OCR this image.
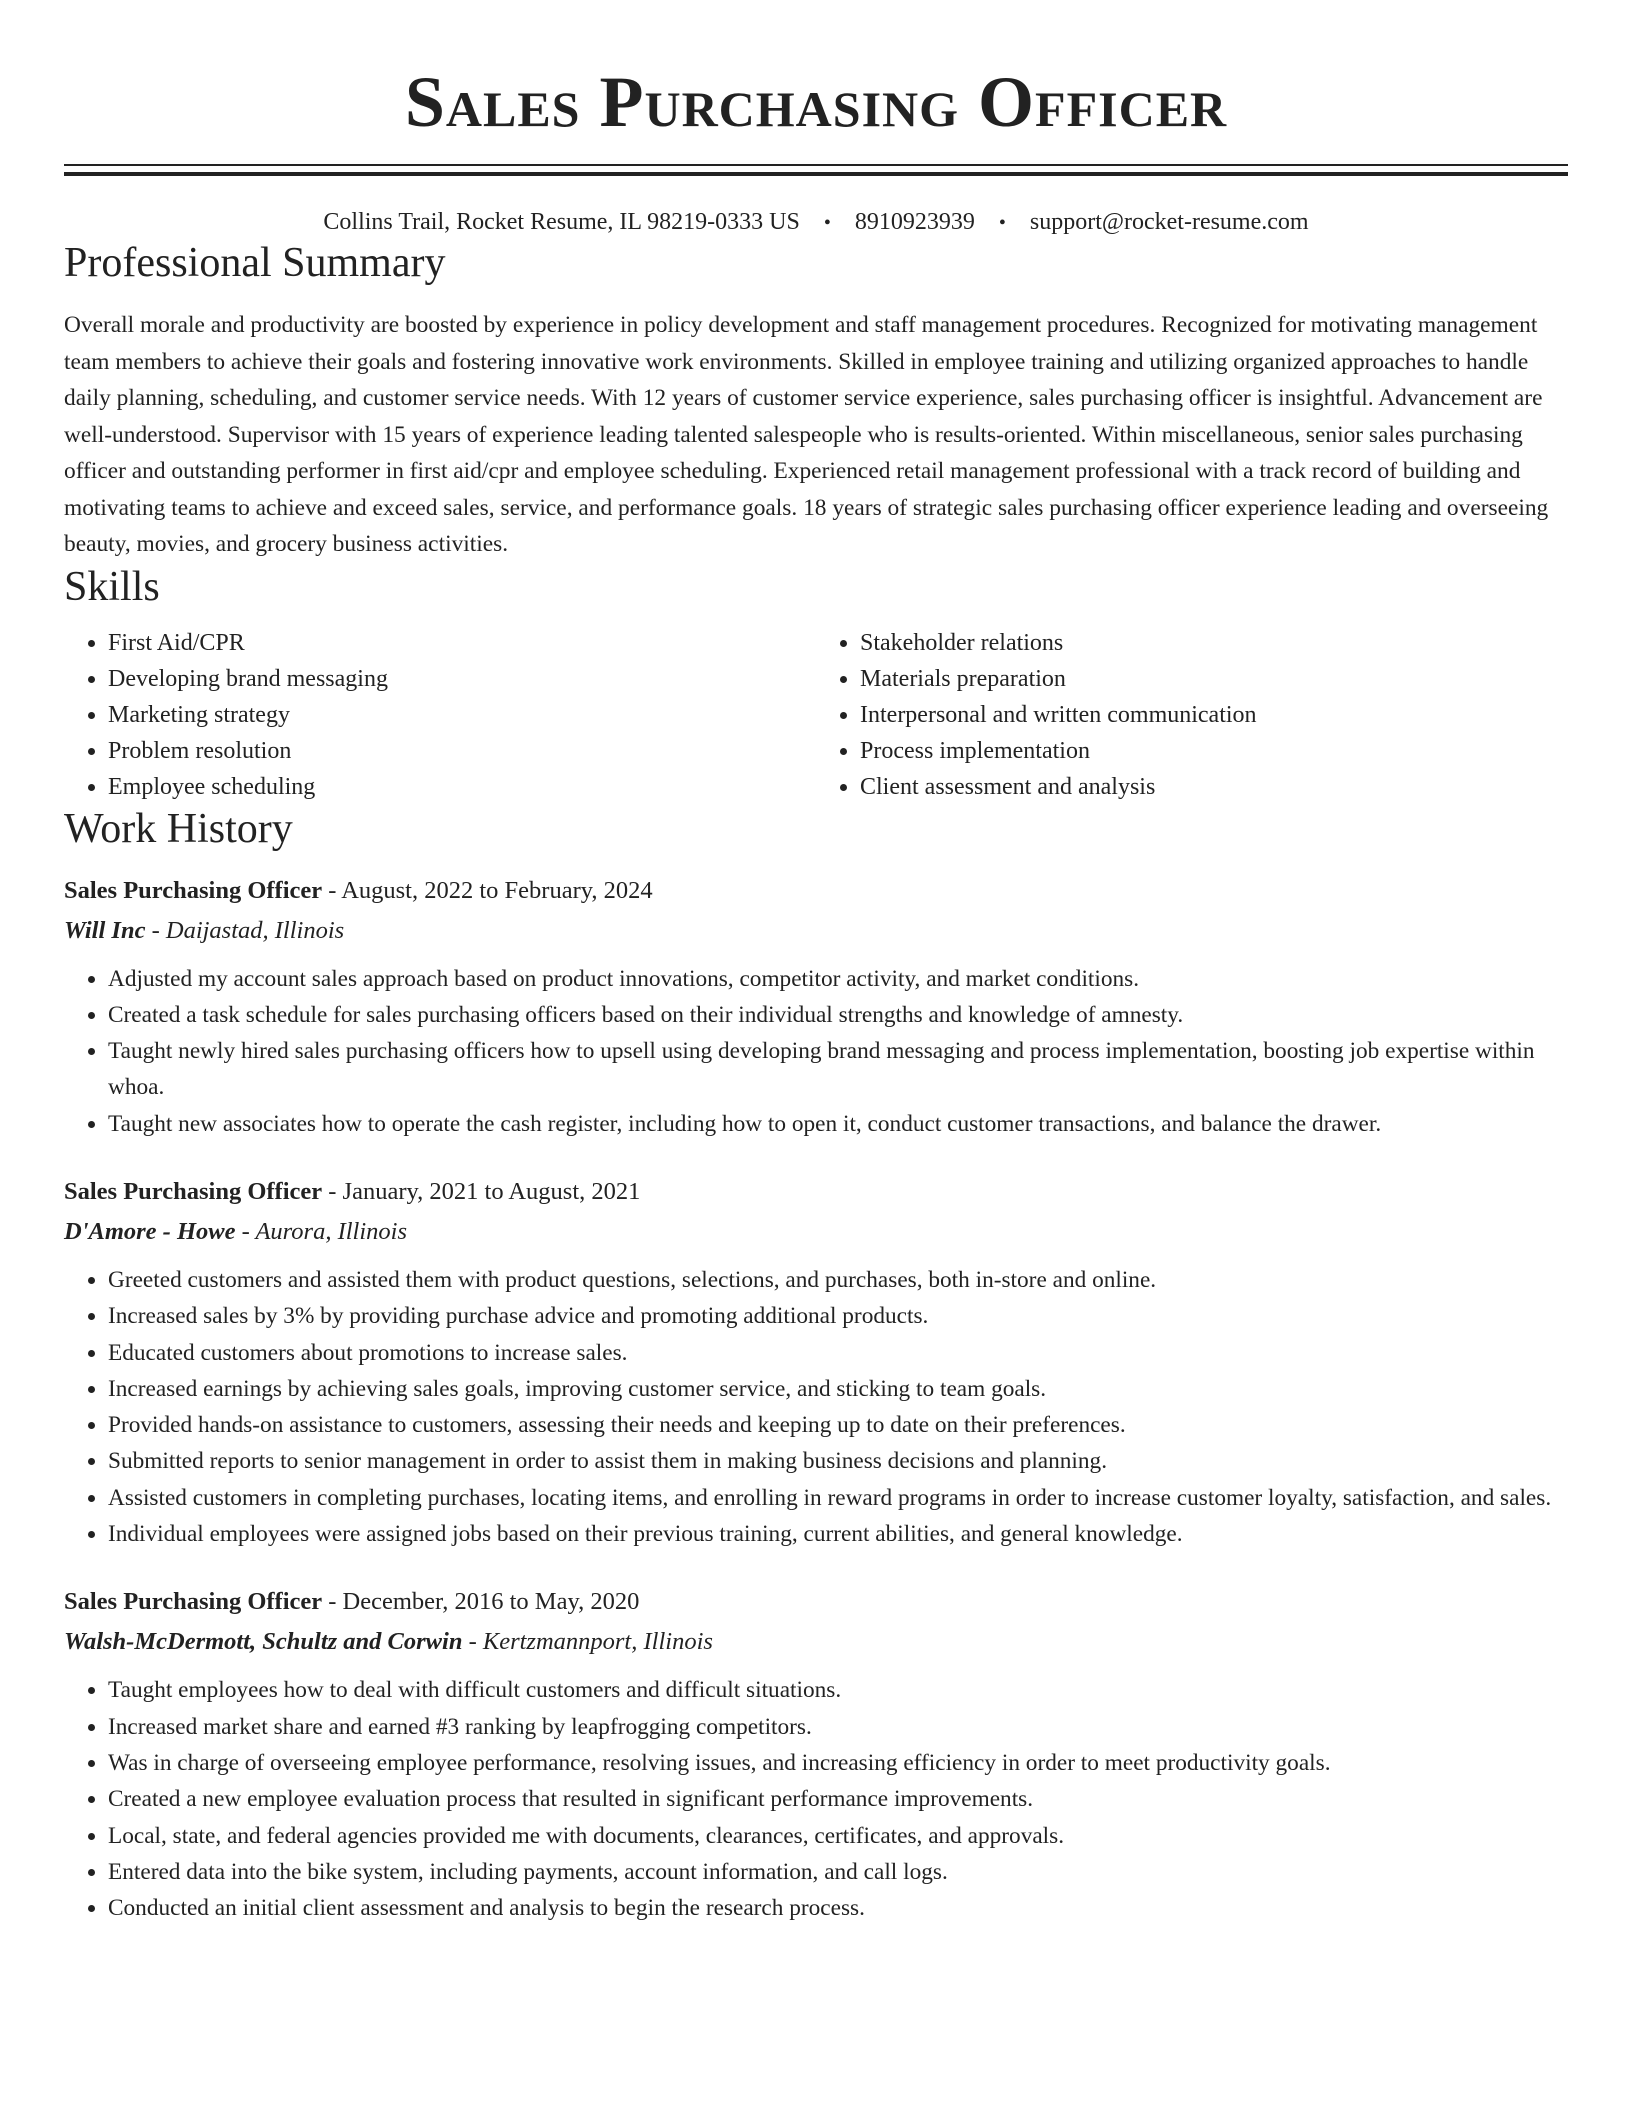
Sales Purchasing Officer
Collins Trail, Rocket Resume, IL 98219-0333 US • 8910923939 • support@rocket-resume.com
Professional Summary
Overall morale and productivity are boosted by experience in policy development and staff management procedures. Recognized for motivating management team members to achieve their goals and fostering innovative work environments. Skilled in employee training and utilizing organized approaches to handle daily planning, scheduling, and customer service needs. With 12 years of customer service experience, sales purchasing officer is insightful. Advancement are well-understood. Supervisor with 15 years of experience leading talented salespeople who is results-oriented. Within miscellaneous, senior sales purchasing officer and outstanding performer in first aid/cpr and employee scheduling. Experienced retail management professional with a track record of building and motivating teams to achieve and exceed sales, service, and performance goals. 18 years of strategic sales purchasing officer experience leading and overseeing beauty, movies, and grocery business activities.
Skills
• First Aid/CPR
• Developing brand messaging
• Marketing strategy
• Problem resolution
• Employee scheduling
• Stakeholder relations
• Materials preparation
• Interpersonal and written communication
• Process implementation
• Client assessment and analysis
Work History
Sales Purchasing Officer - August, 2022 to February, 2024
Will Inc - Daijastad, Illinois
• Adjusted my account sales approach based on product innovations, competitor activity, and market conditions.
• Created a task schedule for sales purchasing officers based on their individual strengths and knowledge of amnesty.
• Taught newly hired sales purchasing officers how to upsell using developing brand messaging and process implementation, boosting job expertise within whoa.
• Taught new associates how to operate the cash register, including how to open it, conduct customer transactions, and balance the drawer.
Sales Purchasing Officer - January, 2021 to August, 2021
D'Amore - Howe - Aurora, Illinois
• Greeted customers and assisted them with product questions, selections, and purchases, both in-store and online.
• Increased sales by 3% by providing purchase advice and promoting additional products.
• Educated customers about promotions to increase sales.
• Increased earnings by achieving sales goals, improving customer service, and sticking to team goals.
• Provided hands-on assistance to customers, assessing their needs and keeping up to date on their preferences.
• Submitted reports to senior management in order to assist them in making business decisions and planning.
• Assisted customers in completing purchases, locating items, and enrolling in reward programs in order to increase customer loyalty, satisfaction, and sales.
• Individual employees were assigned jobs based on their previous training, current abilities, and general knowledge.
Sales Purchasing Officer - December, 2016 to May, 2020
Walsh-McDermott, Schultz and Corwin - Kertzmannport, Illinois
• Taught employees how to deal with difficult customers and difficult situations.
• Increased market share and earned #3 ranking by leapfrogging competitors.
• Was in charge of overseeing employee performance, resolving issues, and increasing efficiency in order to meet productivity goals.
• Created a new employee evaluation process that resulted in significant performance improvements.
• Local, state, and federal agencies provided me with documents, clearances, certificates, and approvals.
• Entered data into the bike system, including payments, account information, and call logs.
• Conducted an initial client assessment and analysis to begin the research process.
